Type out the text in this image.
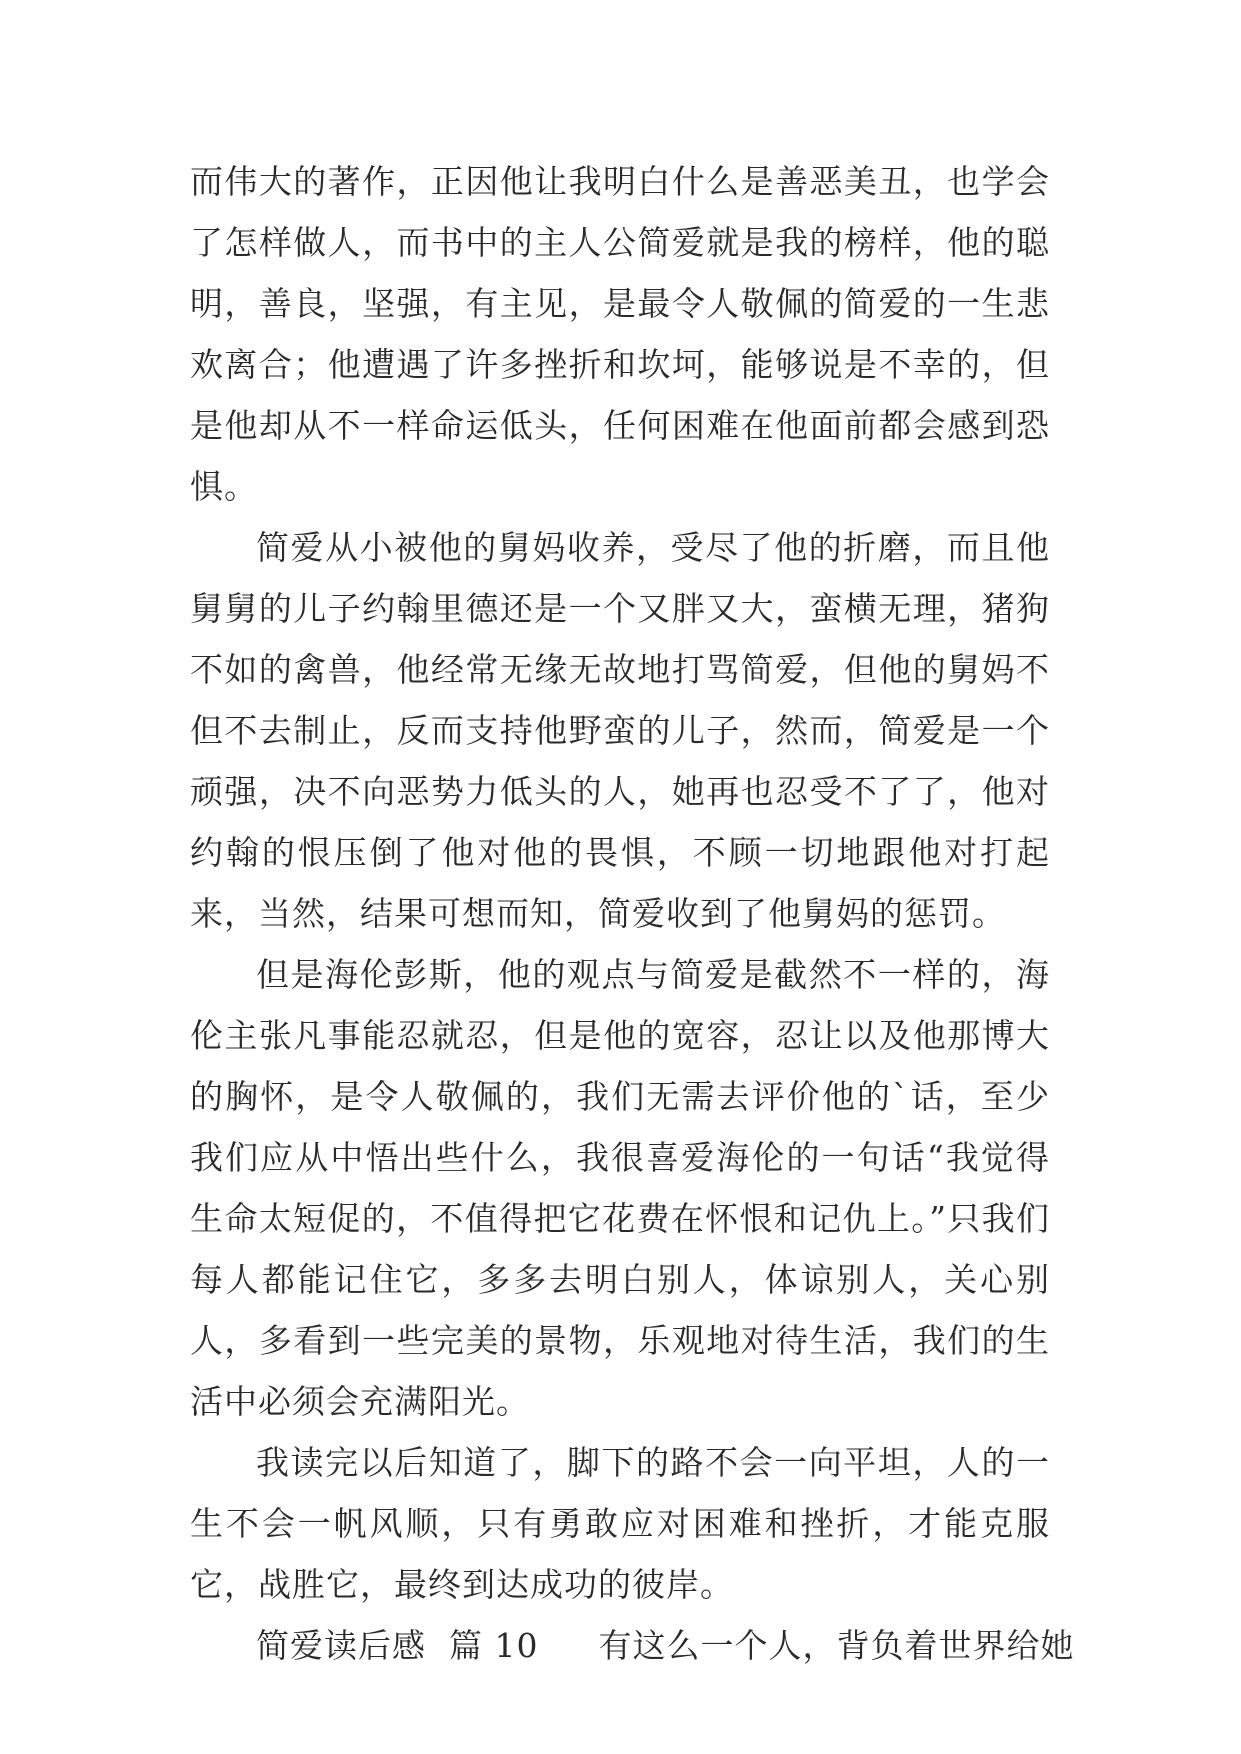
而伟大的著作，正因他让我明白什么是善恶美丑，也学会了怎样做人，而书中的主人公简爱就是我的榜样，他的聪明，善良，坚强，有主见，是最令人敬佩的简爱的一生悲欢离合；他遭遇了许多挫折和坎坷，能够说是不幸的，但是他却从不一样命运低头，任何困难在他面前都会感到恐惧。

简爱从小被他的舅妈收养，受尽了他的折磨，而且他舅舅的儿子约翰里德还是一个又胖又大，蛮横无理，猪狗不如的禽兽，他经常无缘无故地打骂简爱，但他的舅妈不但不去制止，反而支持他野蛮的儿子，然而，简爱是一个顽强，决不向恶势力低头的人，她再也忍受不了了，他对约翰的恨压倒了他对他的畏惧，不顾一切地跟他对打起来，当然，结果可想而知，简爱收到了他舅妈的惩罚。

但是海伦彭斯，他的观点与简爱是截然不一样的，海伦主张凡事能忍就忍，但是他的宽容，忍让以及他那博大的胸怀，是令人敬佩的，我们无需去评价他的`话，至少我们应从中悟出些什么，我很喜爱海伦的一句话“我觉得生命太短促的，不值得把它花费在怀恨和记仇上。”只我们每人都能记住它，多多去明白别人，体谅别人，关心别人，多看到一些完美的景物，乐观地对待生活，我们的生活中必须会充满阳光。

我读完以后知道了，脚下的路不会一向平坦，人的一生不会一帆风顺，只有勇敢应对困难和挫折，才能克服它，战胜它，最终到达成功的彼岸。

简爱读后感 篇 10 有这么一个人，背负着世界给她
